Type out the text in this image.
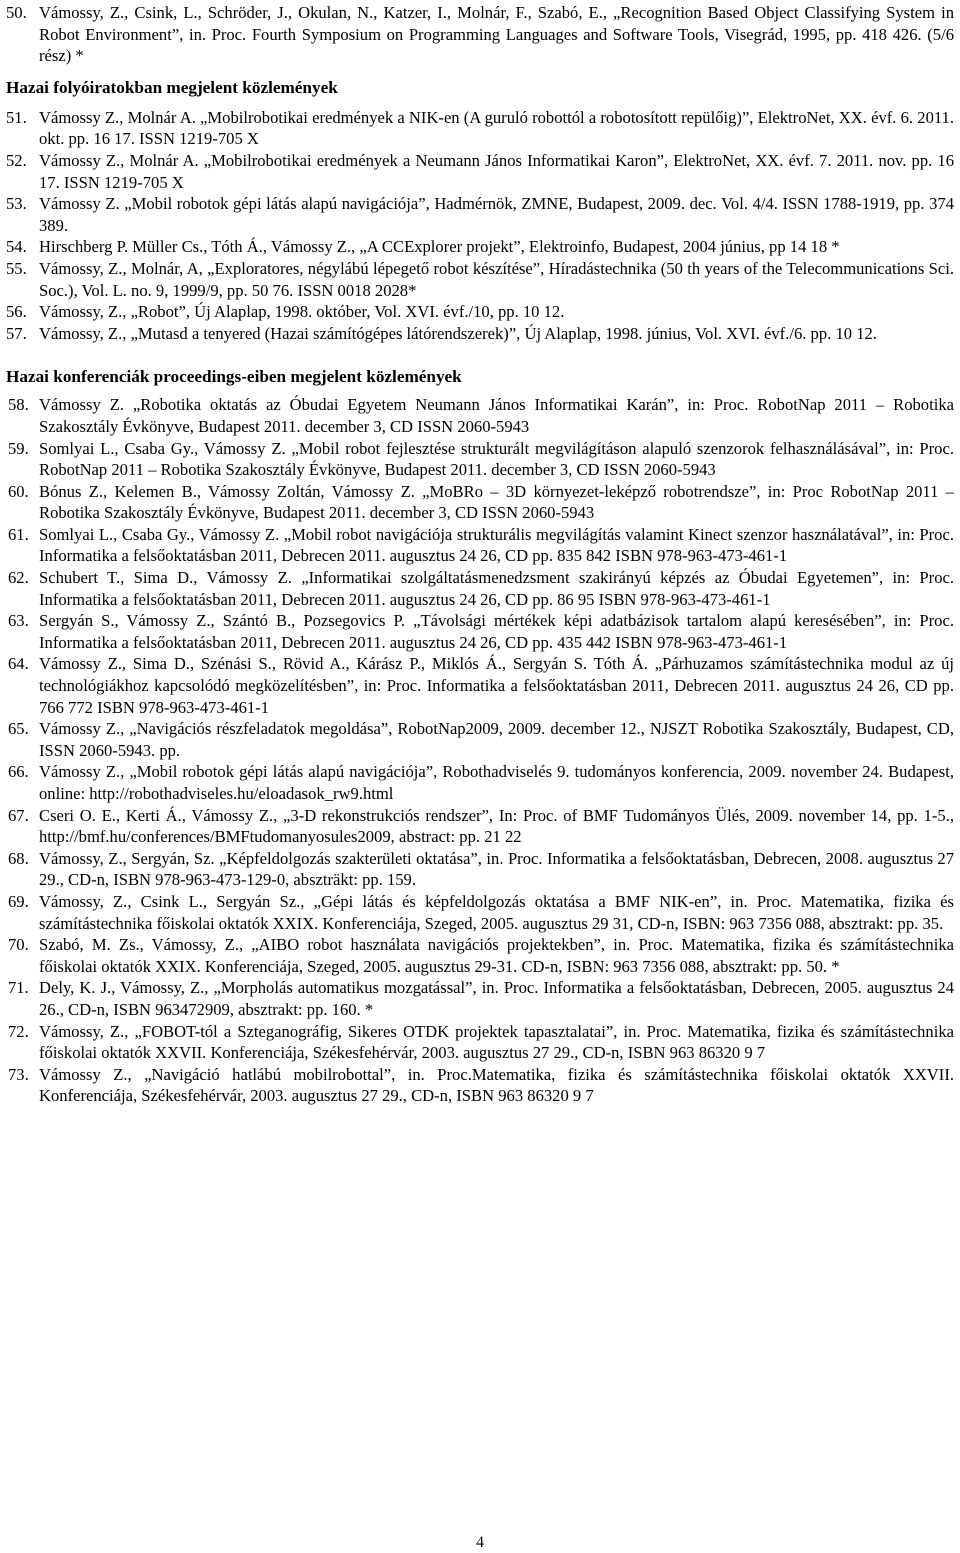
50. Vámossy, Z., Csink, L., Schröder, J., Okulan, N., Katzer, I., Molnár, F., Szabó, E., „Recognition Based Object Classifying System in Robot Environment”, in. Proc. Fourth Symposium on Programming Languages and Software Tools, Visegrád, 1995, pp. 418 426. (5/6 rész) *

Hazai folyóiratokban megjelent közlemények

51. Vámossy Z., Molnár A. „Mobilrobotikai eredmények a NIK-en (A guruló robottól a robotosított repülőig)”, ElektroNet, XX. évf. 6. 2011. okt. pp. 16 17. ISSN 1219-705 X

52. Vámossy Z., Molnár A. „Mobilrobotikai eredmények a Neumann János Informatikai Karon”, ElektroNet, XX. évf. 7. 2011. nov. pp. 16 17. ISSN 1219-705 X

53. Vámossy Z. „Mobil robotok gépi látás alapú navigációja”, Hadmérnök, ZMNE, Budapest, 2009. dec. Vol. 4/4. ISSN 1788-1919, pp. 374 389.

54. Hirschberg P. Müller Cs., Tóth Á., Vámossy Z., „A CCExplorer projekt”, Elektroinfo, Budapest, 2004 június, pp 14 18 *

55. Vámossy, Z., Molnár, A, „Exploratores, négylábú lépegető robot készítése”, Híradástechnika (50 th years of the Telecommunications Sci. Soc.), Vol. L. no. 9, 1999/9, pp. 50 76. ISSN 0018 2028*

56. Vámossy, Z., „Robot”, Új Alaplap, 1998. október, Vol. XVI. évf./10, pp. 10 12.

57. Vámossy, Z., „Mutasd a tenyered (Hazai számítógépes látórendszerek)”, Új Alaplap, 1998. június, Vol. XVI. évf./6. pp. 10 12.

Hazai konferenciák proceedings-eiben megjelent közlemények

58. Vámossy Z. „Robotika oktatás az Óbudai Egyetem Neumann János Informatikai Karán”, in: Proc. RobotNap 2011 – Robotika Szakosztály Évkönyve, Budapest 2011. december 3, CD ISSN 2060-5943

59. Somlyai L., Csaba Gy., Vámossy Z. „Mobil robot fejlesztése strukturált megvilágításon alapuló szenzorok felhasználásával”, in: Proc. RobotNap 2011 – Robotika Szakosztály Évkönyve, Budapest 2011. december 3, CD ISSN 2060-5943

60. Bónus Z., Kelemen B., Vámossy Zoltán, Vámossy Z. „MoBRo – 3D környezet-leképző robotrendsze”, in: Proc RobotNap 2011 – Robotika Szakosztály Évkönyve, Budapest 2011. december 3, CD ISSN 2060-5943

61. Somlyai L., Csaba Gy., Vámossy Z. „Mobil robot navigációja strukturális megvilágítás valamint Kinect szenzor használatával”, in: Proc. Informatika a felsőoktatásban 2011, Debrecen 2011. augusztus 24 26, CD pp. 835 842 ISBN 978-963-473-461-1

62. Schubert T., Sima D., Vámossy Z. „Informatikai szolgáltatásmenedzsment szakirányú képzés az Óbudai Egyetemen”, in: Proc. Informatika a felsőoktatásban 2011, Debrecen 2011. augusztus 24 26, CD pp. 86 95 ISBN 978-963-473-461-1

63. Sergyán S., Vámossy Z., Szántó B., Pozsegovics P. „Távolsági mértékek képi adatbázisok tartalom alapú keresésében”, in: Proc. Informatika a felsőoktatásban 2011, Debrecen 2011. augusztus 24 26, CD pp. 435 442 ISBN 978-963-473-461-1

64. Vámossy Z., Sima D., Szénási S., Rövid A., Kárász P., Miklós Á., Sergyán S. Tóth Á. „Párhuzamos számítástechnika modul az új technológiákhoz kapcsolódó megközelítésben”, in: Proc. Informatika a felsőoktatásban 2011, Debrecen 2011. augusztus 24 26, CD pp. 766 772 ISBN 978-963-473-461-1

65. Vámossy Z., „Navigációs részfeladatok megoldása”, RobotNap2009, 2009. december 12., NJSZT Robotika Szakosztály, Budapest, CD, ISSN 2060-5943. pp.

66. Vámossy Z., „Mobil robotok gépi látás alapú navigációja”, Robothadviselés 9. tudományos konferencia, 2009. november 24. Budapest, online: http://robothadviseles.hu/eloadasok_rw9.html

67. Cseri O. E., Kerti Á., Vámossy Z., „3-D rekonstrukciós rendszer”, In: Proc. of BMF Tudományos Ülés, 2009. november 14, pp. 1-5., http://bmf.hu/conferences/BMFtudomanyosules2009, abstract: pp. 21 22

68. Vámossy, Z., Sergyán, Sz. „Képfeldolgozás szakterületi oktatása”, in. Proc. Informatika a felsőoktatásban, Debrecen, 2008. augusztus 27 29., CD-n, ISBN 978-963-473-129-0, abszträkt: pp. 159.

69. Vámossy, Z., Csink L., Sergyán Sz., „Gépi látás és képfeldolgozás oktatása a BMF NIK-en”, in. Proc. Matematika, fizika és számítástechnika főiskolai oktatók XXIX. Konferenciája, Szeged, 2005. augusztus 29 31, CD-n, ISBN: 963 7356 088, absztrakt: pp. 35.

70. Szabó, M. Zs., Vámossy, Z., „AIBO robot használata navigációs projektekben”, in. Proc. Matematika, fizika és számítástechnika főiskolai oktatók XXIX. Konferenciája, Szeged, 2005. augusztus 29-31. CD-n, ISBN: 963 7356 088, absztrakt: pp. 50. *

71. Dely, K. J., Vámossy, Z., „Morpholás automatikus mozgatással”, in. Proc. Informatika a felsőoktatásban, Debrecen, 2005. augusztus 24 26., CD-n, ISBN 963472909, absztrakt: pp. 160. *

72. Vámossy, Z., „FOBOT-tól a Szteganográfig, Sikeres OTDK projektek tapasztalatai”, in. Proc. Matematika, fizika és számítástechnika főiskolai oktatók XXVII. Konferenciája, Székesfehérvár, 2003. augusztus 27 29., CD-n, ISBN 963 86320 9 7

73. Vámossy Z., „Navigáció hatlábú mobilrobottal”, in. Proc.Matematika, fizika és számítástechnika főiskolai oktatók XXVII. Konferenciája, Székesfehérvár, 2003. augusztus 27 29., CD-n, ISBN 963 86320 9 7

4
